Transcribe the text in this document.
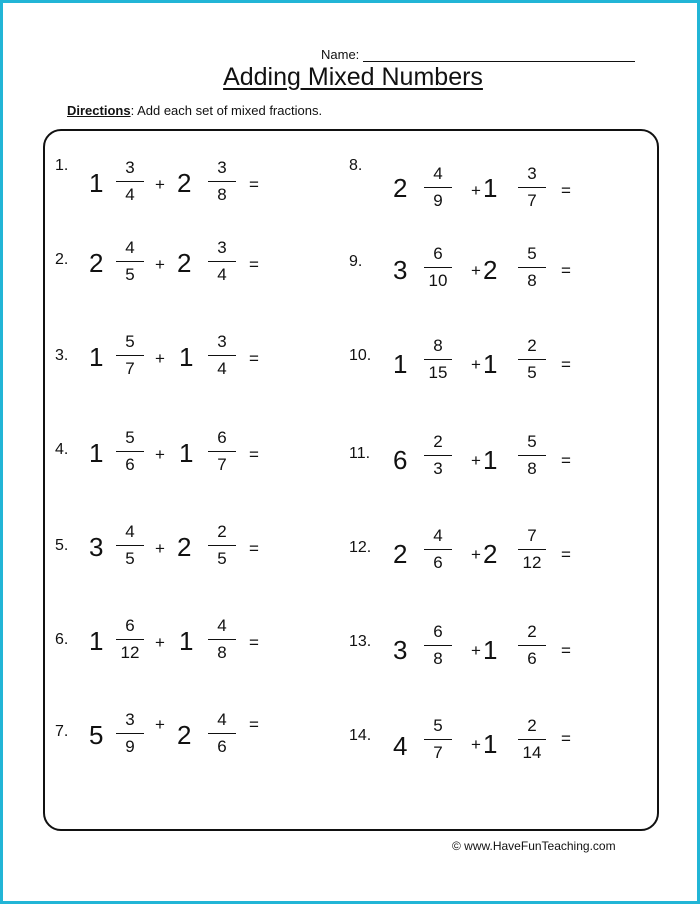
Name:
Adding Mixed Numbers
Directions: Add each set of mixed fractions.
1.
1
3
4
+ 2
3
8
=
2. 2
4
5
+ 2
3
4
=
3. 1
5
7
+ 1
3
4
=
4. 1
5
6
+ 1
6
7
=
5. 3
4
5
+ 2
2
5
=
6. 1
6
12
+ 1
4
8
=
7. 5
3
9
+ 2
4
6
=
8.
2	4
9
+ 1	3
7
=
9. 3
6
10
+ 2
5
8
=
10. 1
8
15	+ 1
2
5	=
11. 6
2
3	+ 1
5
8	=
12. 2
4
6	+ 2
7
12	=
13. 3
6
8	+ 1
2
6	=
14. 4
5
7	+ 1
2
14
=
© www.HaveFunTeaching.com
